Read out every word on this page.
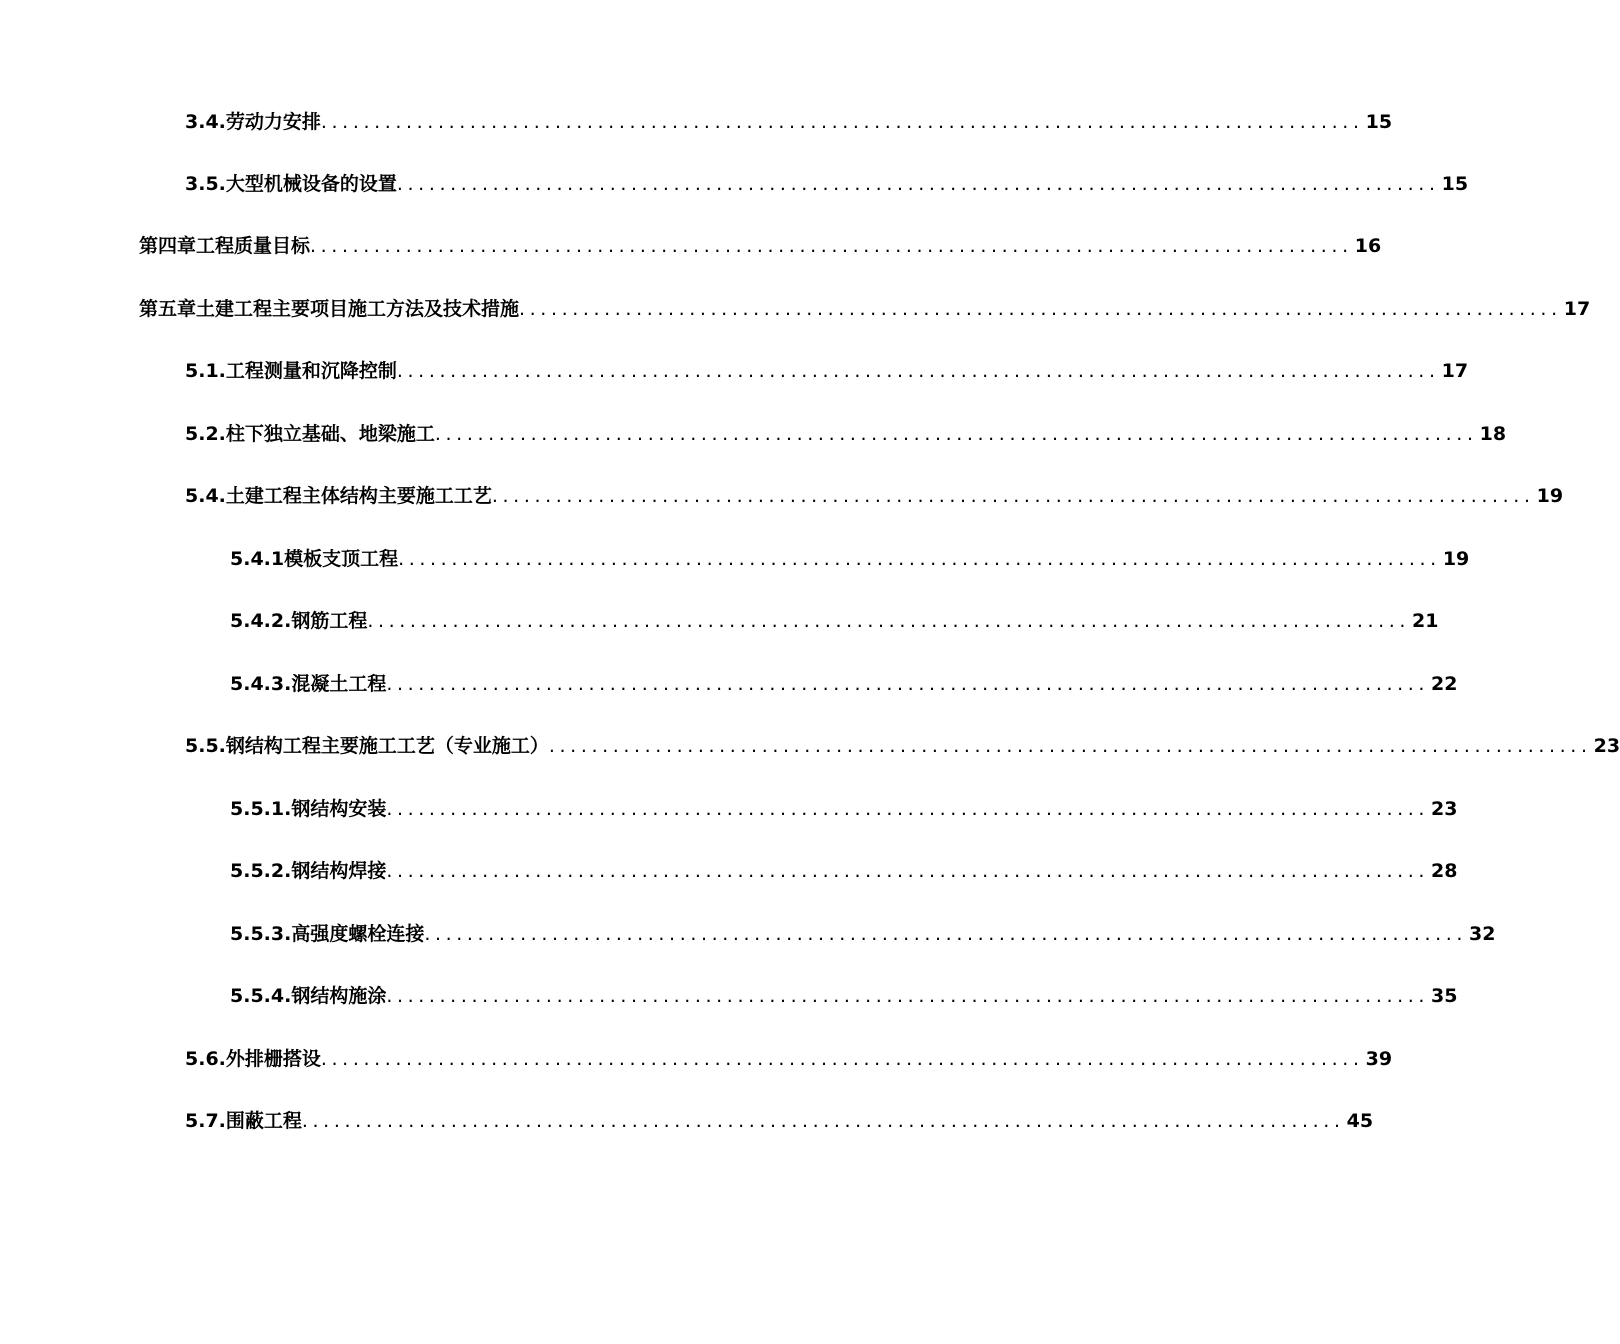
3.4. 劳动力安排 .................................................................................................. 15
3.5. 大型机械设备的设置 .................................................................................................. 15
第四章 工程质量目标 .................................................................................................. 16
第五章 土建工程主要项目施工方法及技术措施 .................................................................................................. 17
5.1. 工程测量和沉降控制 .................................................................................................. 17
5.2. 柱下独立基础、地梁施工 .................................................................................................. 18
5.4. 土建工程主体结构主要施工工艺 .................................................................................................. 19
5.4.1 模板支顶工程 .................................................................................................. 19
5.4.2. 钢筋工程 .................................................................................................. 21
5.4.3. 混凝土工程 .................................................................................................. 22
5.5. 钢结构工程主要施工工艺（专业施工） .................................................................................................. 23
5.5.1. 钢结构安装 .................................................................................................. 23
5.5.2. 钢结构焊接 .................................................................................................. 28
5.5.3. 高强度螺栓连接 .................................................................................................. 32
5.5.4. 钢结构施涂 .................................................................................................. 35
5.6. 外排栅搭设 .................................................................................................. 39
5.7. 围蔽工程 .................................................................................................. 45
